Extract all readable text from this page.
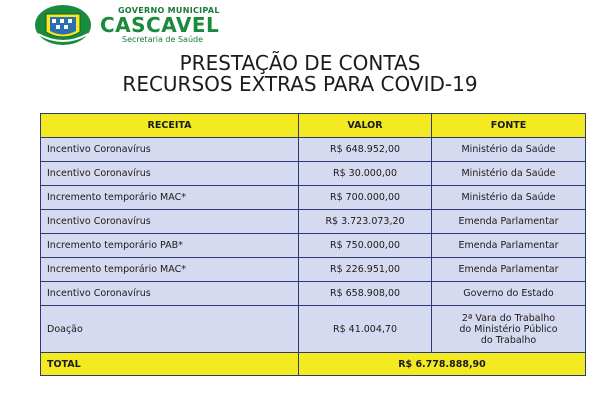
GOVERNO MUNICIPAL
CASCAVEL
Secretaria de Saúde
PRESTAÇÃO DE CONTAS
RECURSOS EXTRAS PARA COVID-19
RECEITA	VALOR	FONTE
Incentivo Coronavírus	R$ 648.952,00	Ministério da Saúde
Incentivo Coronavírus	R$ 30.000,00	Ministério da Saúde
Incremento temporário MAC*	R$ 700.000,00	Ministério da Saúde
Incentivo Coronavírus	R$ 3.723.073,20	Emenda Parlamentar
Incremento temporário PAB*	R$ 750.000,00	Emenda Parlamentar
Incremento temporário MAC*	R$ 226.951,00	Emenda Parlamentar
Incentivo Coronavírus	R$ 658.908,00	Governo do Estado
Doação	R$ 41.004,70	2ª Vara do Trabalho
do Ministério Público
do Trabalho

TOTAL	R$ 6.778.888,90	
